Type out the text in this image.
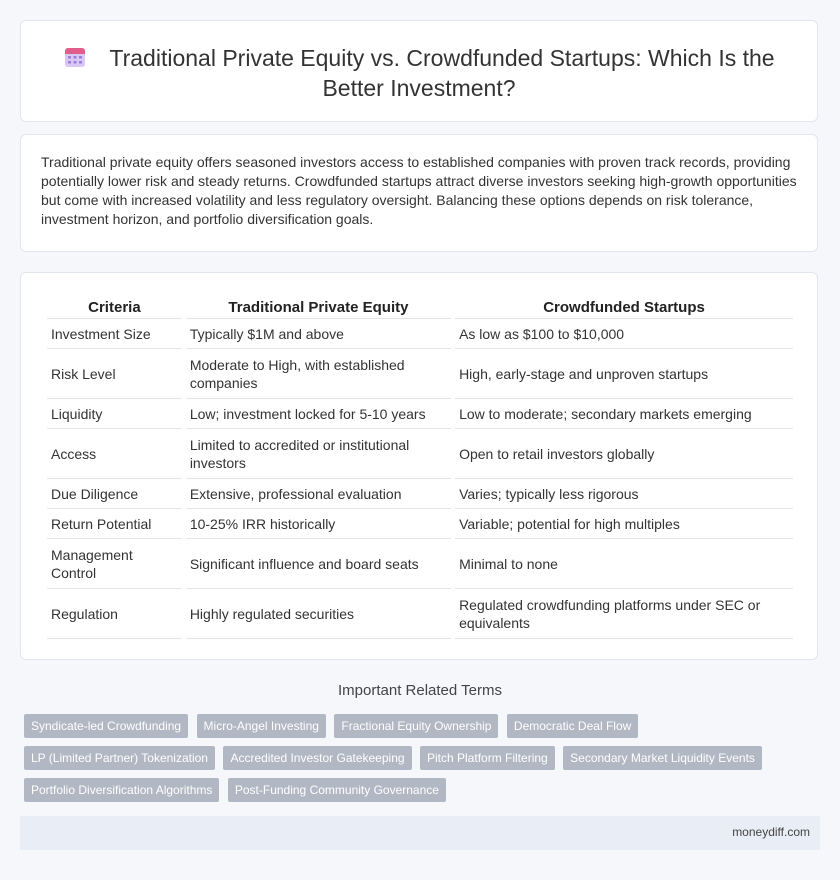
Traditional Private Equity vs. Crowdfunded Startups: Which Is the Better Investment?

Traditional private equity offers seasoned investors access to established companies with proven track records, providing potentially lower risk and steady returns. Crowdfunded startups attract diverse investors seeking high-growth opportunities but come with increased volatility and less regulatory oversight. Balancing these options depends on risk tolerance, investment horizon, and portfolio diversification goals.

Criteria	Traditional Private Equity	Crowdfunded Startups
Investment Size	Typically $1M and above	As low as $100 to $10,000
Risk Level	Moderate to High, with established companies	High, early-stage and unproven startups
Liquidity	Low; investment locked for 5-10 years	Low to moderate; secondary markets emerging
Access	Limited to accredited or institutional investors	Open to retail investors globally
Due Diligence	Extensive, professional evaluation	Varies; typically less rigorous
Return Potential	10-25% IRR historically	Variable; potential for high multiples
Management Control	Significant influence and board seats	Minimal to none
Regulation	Highly regulated securities	Regulated crowdfunding platforms under SEC or equivalents
Important Related Terms
Syndicate-led Crowdfunding Micro-Angel Investing Fractional Equity Ownership Democratic Deal Flow LP (Limited Partner) Tokenization Accredited Investor Gatekeeping Pitch Platform Filtering Secondary Market Liquidity Events Portfolio Diversification Algorithms Post-Funding Community Governance
moneydiff.com
